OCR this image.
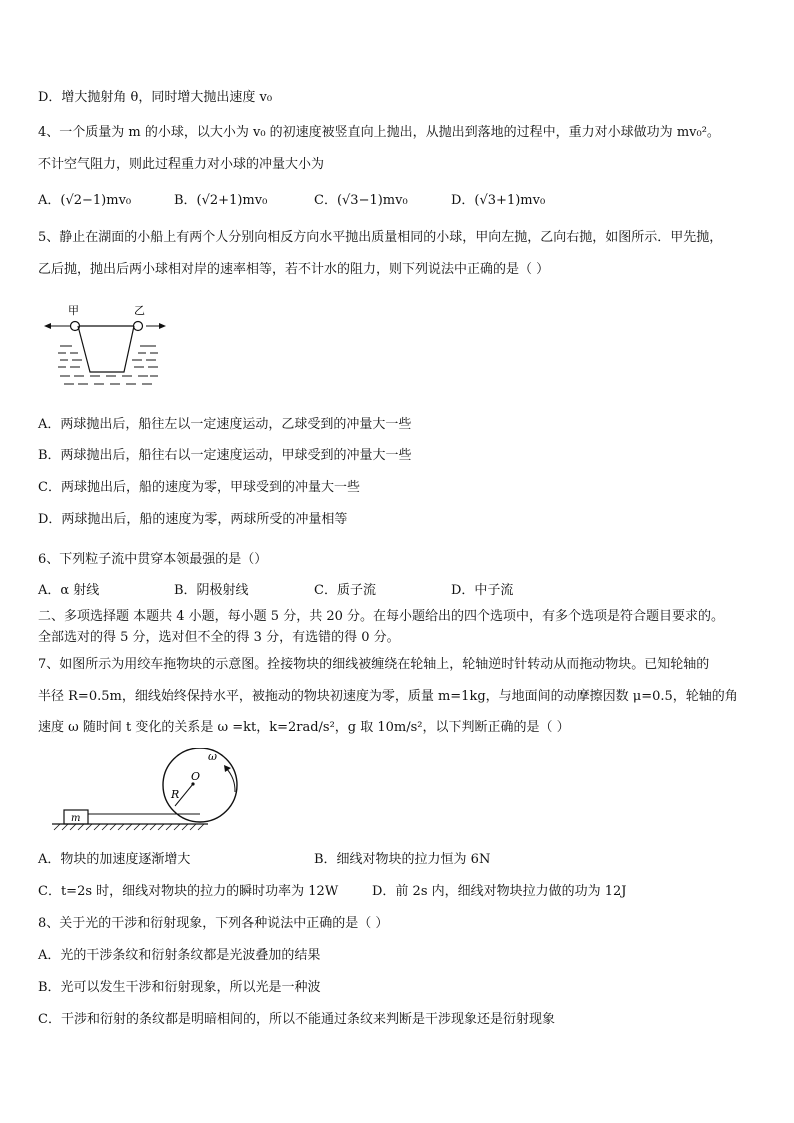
D．增大抛射角 θ，同时增大抛出速度 v₀
4、一个质量为 m 的小球，以大小为 v₀ 的初速度被竖直向上抛出，从抛出到落地的过程中，重力对小球做功为 mv₀²。
不计空气阻力，则此过程重力对小球的冲量大小为
A．(√2−1)mv₀	B．(√2+1)mv₀	C．(√3−1)mv₀	D．(√3+1)mv₀
5、静止在湖面的小船上有两个人分别向相反方向水平抛出质量相同的小球，甲向左抛，乙向右抛，如图所示．甲先抛，
乙后抛，抛出后两小球相对岸的速率相等，若不计水的阻力，则下列说法中正确的是（ ）
甲	乙
A．两球抛出后，船往左以一定速度运动，乙球受到的冲量大一些
B．两球抛出后，船往右以一定速度运动，甲球受到的冲量大一些
C．两球抛出后，船的速度为零，甲球受到的冲量大一些
D．两球抛出后，船的速度为零，两球所受的冲量相等
6、下列粒子流中贯穿本领最强的是（）
A．α 射线	B．阴极射线	C．质子流	D．中子流
二、多项选择题 本题共 4 小题，每小题 5 分，共 20 分。在每小题给出的四个选项中，有多个选项是符合题目要求的。
全部选对的得 5 分，选对但不全的得 3 分，有选错的得 0 分。
7、如图所示为用绞车拖物块的示意图。拴接物块的细线被缠绕在轮轴上，轮轴逆时针转动从而拖动物块。已知轮轴的
半径 R=0.5m，细线始终保持水平，被拖动的物块初速度为零，质量 m=1kg，与地面间的动摩擦因数 μ=0.5，轮轴的角
速度 ω 随时间 t 变化的关系是 ω =kt，k=2rad/s²，g 取 10m/s²，以下判断正确的是（ ）
O
R
ω
m
A．物块的加速度逐渐增大	B．细线对物块的拉力恒为 6N
C．t=2s 时，细线对物块的拉力的瞬时功率为 12W	D．前 2s 内，细线对物块拉力做的功为 12J
8、关于光的干涉和衍射现象，下列各种说法中正确的是（ ）
A．光的干涉条纹和衍射条纹都是光波叠加的结果
B．光可以发生干涉和衍射现象，所以光是一种波
C．干涉和衍射的条纹都是明暗相间的，所以不能通过条纹来判断是干涉现象还是衍射现象
